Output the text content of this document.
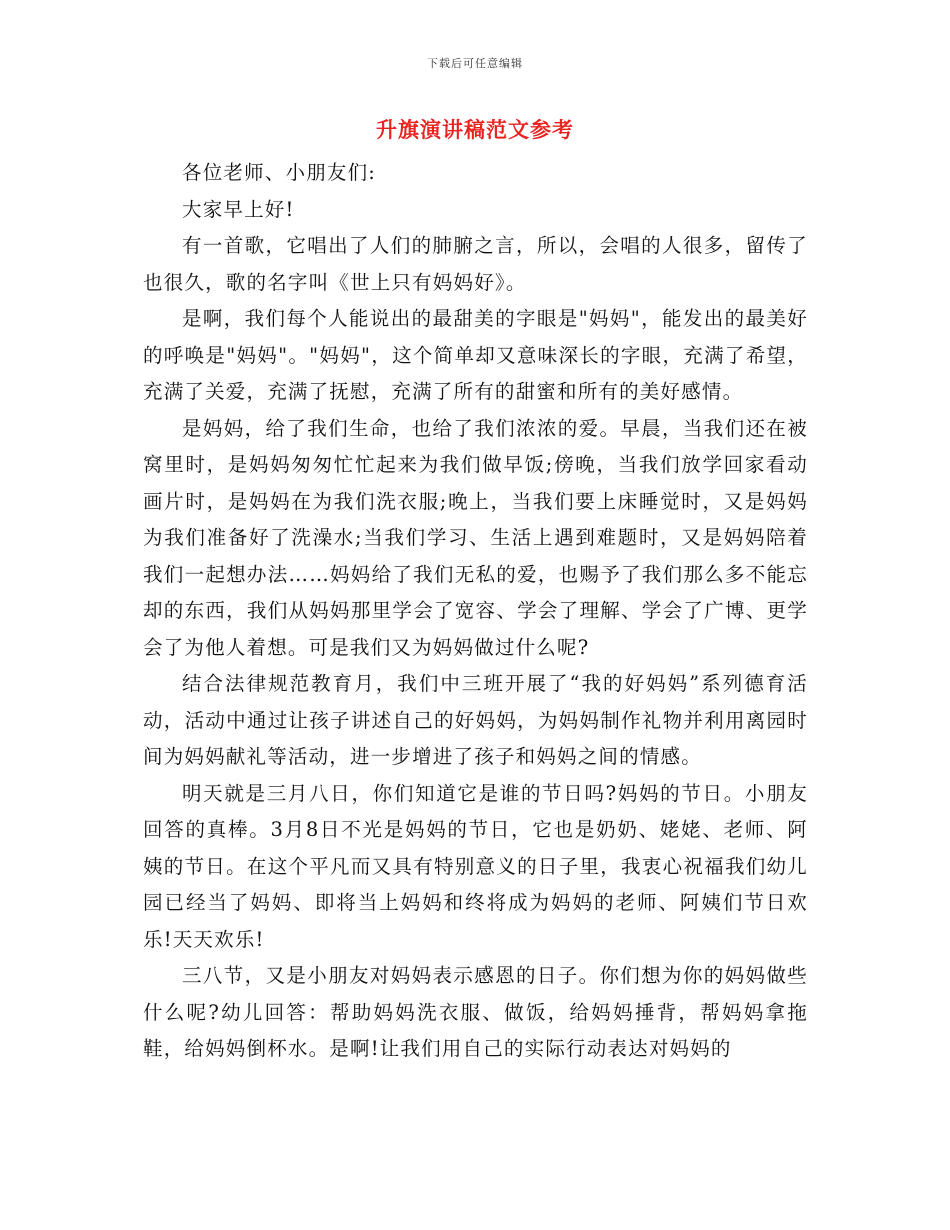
下载后可任意编辑
升旗演讲稿范文参考

各位老师、小朋友们:

大家早上好!

有一首歌，它唱出了人们的肺腑之言，所以，会唱的人很多，留传了也很久，歌的名字叫《世上只有妈妈好》。

是啊，我们每个人能说出的最甜美的字眼是"妈妈"，能发出的最美好的呼唤是"妈妈"。"妈妈"，这个简单却又意味深长的字眼，充满了希望，充满了关爱，充满了抚慰，充满了所有的甜蜜和所有的美好感情。

是妈妈，给了我们生命，也给了我们浓浓的爱。早晨，当我们还在被窝里时，是妈妈匆匆忙忙起来为我们做早饭;傍晚，当我们放学回家看动画片时，是妈妈在为我们洗衣服;晚上，当我们要上床睡觉时，又是妈妈为我们准备好了洗澡水;当我们学习、生活上遇到难题时，又是妈妈陪着我们一起想办法……妈妈给了我们无私的爱，也赐予了我们那么多不能忘却的东西，我们从妈妈那里学会了宽容、学会了理解、学会了广博、更学会了为他人着想。可是我们又为妈妈做过什么呢?

结合法律规范教育月，我们中三班开展了“我的好妈妈”系列德育活动，活动中通过让孩子讲述自己的好妈妈，为妈妈制作礼物并利用离园时间为妈妈献礼等活动，进一步增进了孩子和妈妈之间的情感。

明天就是三月八日，你们知道它是谁的节日吗?妈妈的节日。小朋友回答的真棒。3月8日不光是妈妈的节日，它也是奶奶、姥姥、老师、阿姨的节日。在这个平凡而又具有特别意义的日子里，我衷心祝福我们幼儿园已经当了妈妈、即将当上妈妈和终将成为妈妈的老师、阿姨们节日欢乐!天天欢乐!

三八节，又是小朋友对妈妈表示感恩的日子。你们想为你的妈妈做些什么呢?幼儿回答：帮助妈妈洗衣服、做饭，给妈妈捶背，帮妈妈拿拖鞋，给妈妈倒杯水。是啊!让我们用自己的实际行动表达对妈妈的
